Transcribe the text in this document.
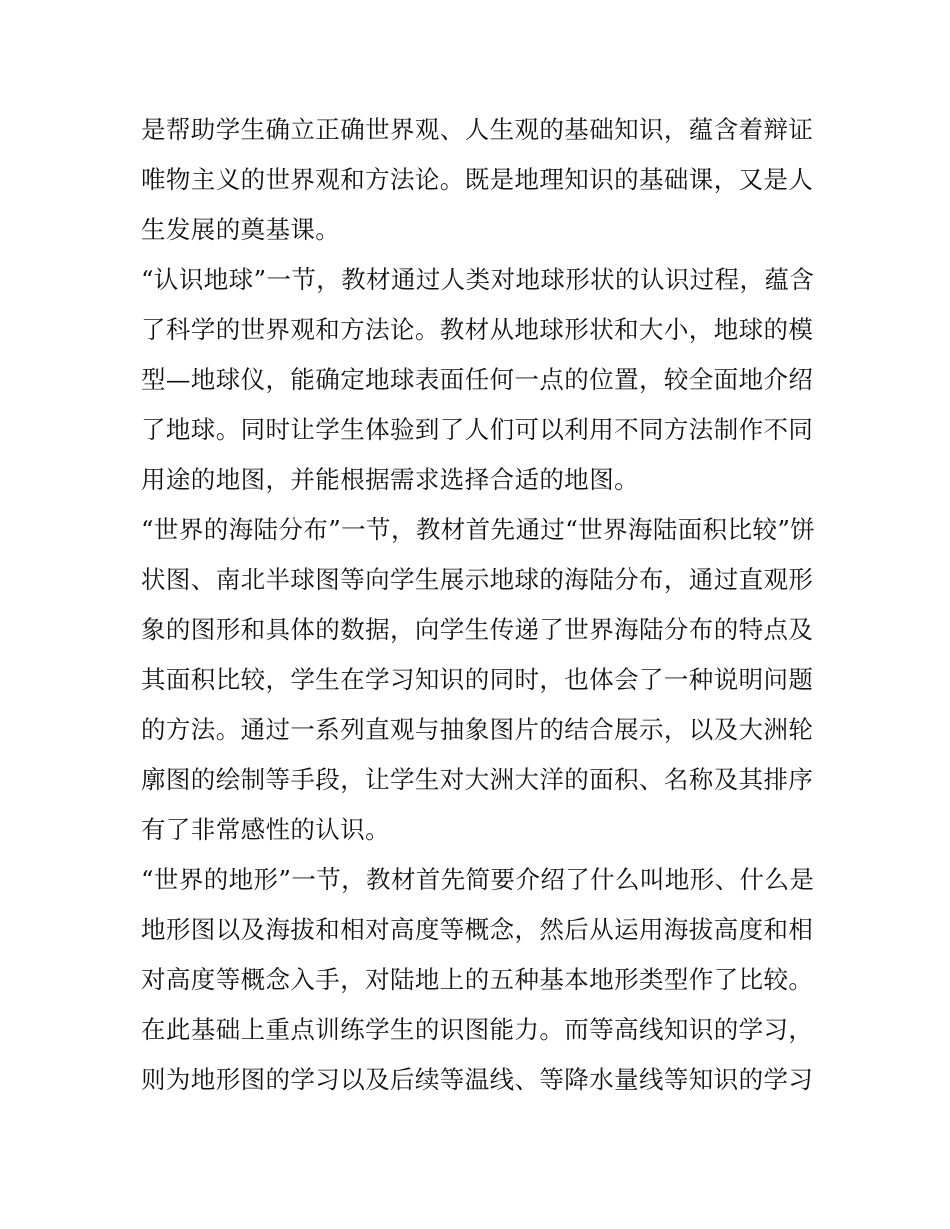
是帮助学生确立正确世界观、人生观的基础知识，蕴含着辩证
唯物主义的世界观和方法论。既是地理知识的基础课，又是人
生发展的奠基课。
“认识地球”一节，教材通过人类对地球形状的认识过程，蕴含
了科学的世界观和方法论。教材从地球形状和大小，地球的模
型—地球仪，能确定地球表面任何一点的位置，较全面地介绍
了地球。同时让学生体验到了人们可以利用不同方法制作不同
用途的地图，并能根据需求选择合适的地图。
“世界的海陆分布”一节，教材首先通过“世界海陆面积比较”饼
状图、南北半球图等向学生展示地球的海陆分布，通过直观形
象的图形和具体的数据，向学生传递了世界海陆分布的特点及
其面积比较，学生在学习知识的同时，也体会了一种说明问题
的方法。通过一系列直观与抽象图片的结合展示，以及大洲轮
廓图的绘制等手段，让学生对大洲大洋的面积、名称及其排序
有了非常感性的认识。
“世界的地形”一节，教材首先简要介绍了什么叫地形、什么是
地形图以及海拔和相对高度等概念，然后从运用海拔高度和相
对高度等概念入手，对陆地上的五种基本地形类型作了比较。
在此基础上重点训练学生的识图能力。而等高线知识的学习，
则为地形图的学习以及后续等温线、等降水量线等知识的学习
